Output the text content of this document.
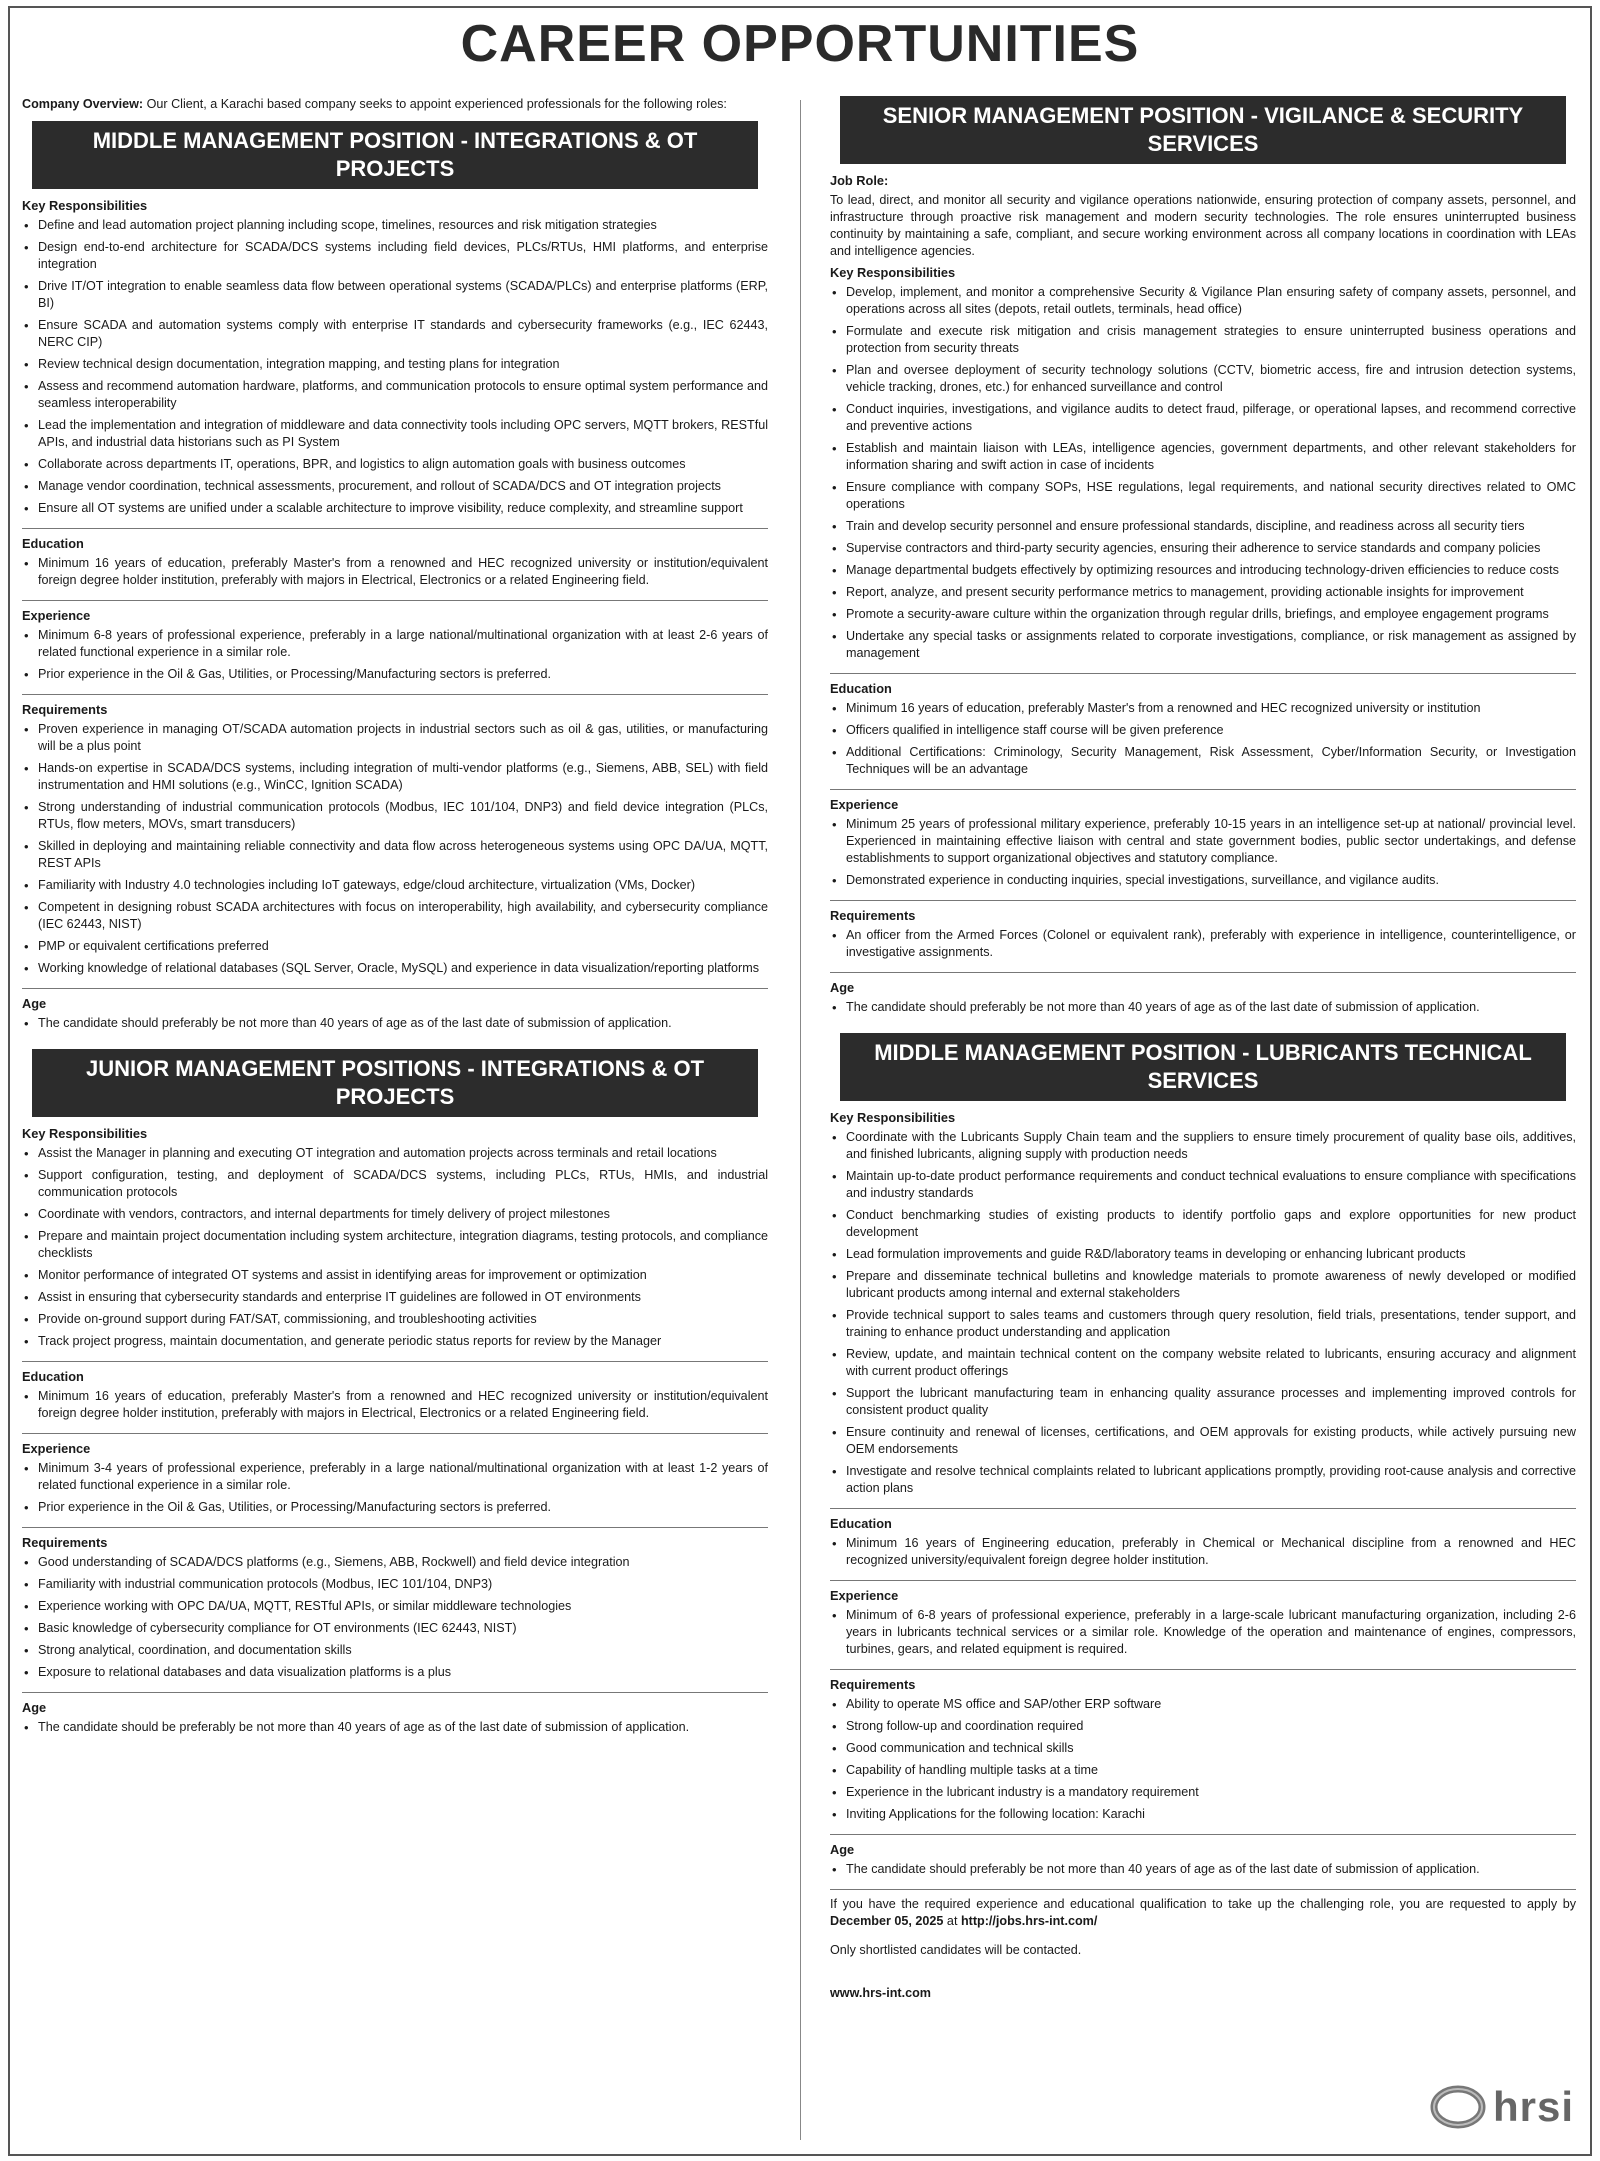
CAREER OPPORTUNITIES
Company Overview: Our Client, a Karachi based company seeks to appoint experienced professionals for the following roles:
MIDDLE MANAGEMENT POSITION - INTEGRATIONS & OT PROJECTS
Key Responsibilities
• Define and lead automation project planning including scope, timelines, resources and risk mitigation strategies
• Design end-to-end architecture for SCADA/DCS systems including field devices, PLCs/RTUs, HMI platforms, and enterprise integration
• Drive IT/OT integration to enable seamless data flow between operational systems (SCADA/PLCs) and enterprise platforms (ERP, BI)
• Ensure SCADA and automation systems comply with enterprise IT standards and cybersecurity frameworks (e.g., IEC 62443, NERC CIP)
• Review technical design documentation, integration mapping, and testing plans for integration
• Assess and recommend automation hardware, platforms, and communication protocols to ensure optimal system performance and seamless interoperability
• Lead the implementation and integration of middleware and data connectivity tools including OPC servers, MQTT brokers, RESTful APIs, and industrial data historians such as PI System
• Collaborate across departments IT, operations, BPR, and logistics to align automation goals with business outcomes
• Manage vendor coordination, technical assessments, procurement, and rollout of SCADA/DCS and OT integration projects
• Ensure all OT systems are unified under a scalable architecture to improve visibility, reduce complexity, and streamline support
Education
• Minimum 16 years of education, preferably Master's from a renowned and HEC recognized university or institution/equivalent foreign degree holder institution, preferably with majors in Electrical, Electronics or a related Engineering field.
Experience
• Minimum 6-8 years of professional experience, preferably in a large national/multinational organization with at least 2-6 years of related functional experience in a similar role.
• Prior experience in the Oil & Gas, Utilities, or Processing/Manufacturing sectors is preferred.
Requirements
• Proven experience in managing OT/SCADA automation projects in industrial sectors such as oil & gas, utilities, or manufacturing will be a plus point
• Hands-on expertise in SCADA/DCS systems, including integration of multi-vendor platforms (e.g., Siemens, ABB, SEL) with field instrumentation and HMI solutions (e.g., WinCC, Ignition SCADA)
• Strong understanding of industrial communication protocols (Modbus, IEC 101/104, DNP3) and field device integration (PLCs, RTUs, flow meters, MOVs, smart transducers)
• Skilled in deploying and maintaining reliable connectivity and data flow across heterogeneous systems using OPC DA/UA, MQTT, REST APIs
• Familiarity with Industry 4.0 technologies including IoT gateways, edge/cloud architecture, virtualization (VMs, Docker)
• Competent in designing robust SCADA architectures with focus on interoperability, high availability, and cybersecurity compliance (IEC 62443, NIST)
• PMP or equivalent certifications preferred
• Working knowledge of relational databases (SQL Server, Oracle, MySQL) and experience in data visualization/reporting platforms
Age
• The candidate should preferably be not more than 40 years of age as of the last date of submission of application.
JUNIOR MANAGEMENT POSITIONS - INTEGRATIONS & OT PROJECTS
Key Responsibilities
• Assist the Manager in planning and executing OT integration and automation projects across terminals and retail locations
• Support configuration, testing, and deployment of SCADA/DCS systems, including PLCs, RTUs, HMIs, and industrial communication protocols
• Coordinate with vendors, contractors, and internal departments for timely delivery of project milestones
• Prepare and maintain project documentation including system architecture, integration diagrams, testing protocols, and compliance checklists
• Monitor performance of integrated OT systems and assist in identifying areas for improvement or optimization
• Assist in ensuring that cybersecurity standards and enterprise IT guidelines are followed in OT environments
• Provide on-ground support during FAT/SAT, commissioning, and troubleshooting activities
• Track project progress, maintain documentation, and generate periodic status reports for review by the Manager
Education
• Minimum 16 years of education, preferably Master's from a renowned and HEC recognized university or institution/equivalent foreign degree holder institution, preferably with majors in Electrical, Electronics or a related Engineering field.
Experience
• Minimum 3-4 years of professional experience, preferably in a large national/multinational organization with at least 1-2 years of related functional experience in a similar role.
• Prior experience in the Oil & Gas, Utilities, or Processing/Manufacturing sectors is preferred.
Requirements
• Good understanding of SCADA/DCS platforms (e.g., Siemens, ABB, Rockwell) and field device integration
• Familiarity with industrial communication protocols (Modbus, IEC 101/104, DNP3)
• Experience working with OPC DA/UA, MQTT, RESTful APIs, or similar middleware technologies
• Basic knowledge of cybersecurity compliance for OT environments (IEC 62443, NIST)
• Strong analytical, coordination, and documentation skills
• Exposure to relational databases and data visualization platforms is a plus
Age
• The candidate should be preferably be not more than 40 years of age as of the last date of submission of application.
SENIOR MANAGEMENT POSITION - VIGILANCE & SECURITY SERVICES
Job Role:
To lead, direct, and monitor all security and vigilance operations nationwide, ensuring protection of company assets, personnel, and infrastructure through proactive risk management and modern security technologies. The role ensures uninterrupted business continuity by maintaining a safe, compliant, and secure working environment across all company locations in coordination with LEAs and intelligence agencies.
Key Responsibilities
• Develop, implement, and monitor a comprehensive Security & Vigilance Plan ensuring safety of company assets, personnel, and operations across all sites (depots, retail outlets, terminals, head office)
• Formulate and execute risk mitigation and crisis management strategies to ensure uninterrupted business operations and protection from security threats
• Plan and oversee deployment of security technology solutions (CCTV, biometric access, fire and intrusion detection systems, vehicle tracking, drones, etc.) for enhanced surveillance and control
• Conduct inquiries, investigations, and vigilance audits to detect fraud, pilferage, or operational lapses, and recommend corrective and preventive actions
• Establish and maintain liaison with LEAs, intelligence agencies, government departments, and other relevant stakeholders for information sharing and swift action in case of incidents
• Ensure compliance with company SOPs, HSE regulations, legal requirements, and national security directives related to OMC operations
• Train and develop security personnel and ensure professional standards, discipline, and readiness across all security tiers
• Supervise contractors and third-party security agencies, ensuring their adherence to service standards and company policies
• Manage departmental budgets effectively by optimizing resources and introducing technology-driven efficiencies to reduce costs
• Report, analyze, and present security performance metrics to management, providing actionable insights for improvement
• Promote a security-aware culture within the organization through regular drills, briefings, and employee engagement programs
• Undertake any special tasks or assignments related to corporate investigations, compliance, or risk management as assigned by management
Education
• Minimum 16 years of education, preferably Master's from a renowned and HEC recognized university or institution
• Officers qualified in intelligence staff course will be given preference
• Additional Certifications: Criminology, Security Management, Risk Assessment, Cyber/Information Security, or Investigation Techniques will be an advantage
Experience
• Minimum 25 years of professional military experience, preferably 10-15 years in an intelligence set-up at national/ provincial level. Experienced in maintaining effective liaison with central and state government bodies, public sector undertakings, and defense establishments to support organizational objectives and statutory compliance.
• Demonstrated experience in conducting inquiries, special investigations, surveillance, and vigilance audits.
Requirements
• An officer from the Armed Forces (Colonel or equivalent rank), preferably with experience in intelligence, counterintelligence, or investigative assignments.
Age
• The candidate should preferably be not more than 40 years of age as of the last date of submission of application.
MIDDLE MANAGEMENT POSITION - LUBRICANTS TECHNICAL SERVICES
Key Responsibilities
• Coordinate with the Lubricants Supply Chain team and the suppliers to ensure timely procurement of quality base oils, additives, and finished lubricants, aligning supply with production needs
• Maintain up-to-date product performance requirements and conduct technical evaluations to ensure compliance with specifications and industry standards
• Conduct benchmarking studies of existing products to identify portfolio gaps and explore opportunities for new product development
• Lead formulation improvements and guide R&D/laboratory teams in developing or enhancing lubricant products
• Prepare and disseminate technical bulletins and knowledge materials to promote awareness of newly developed or modified lubricant products among internal and external stakeholders
• Provide technical support to sales teams and customers through query resolution, field trials, presentations, tender support, and training to enhance product understanding and application
• Review, update, and maintain technical content on the company website related to lubricants, ensuring accuracy and alignment with current product offerings
• Support the lubricant manufacturing team in enhancing quality assurance processes and implementing improved controls for consistent product quality
• Ensure continuity and renewal of licenses, certifications, and OEM approvals for existing products, while actively pursuing new OEM endorsements
• Investigate and resolve technical complaints related to lubricant applications promptly, providing root-cause analysis and corrective action plans
Education
• Minimum 16 years of Engineering education, preferably in Chemical or Mechanical discipline from a renowned and HEC recognized university/equivalent foreign degree holder institution.
Experience
• Minimum of 6-8 years of professional experience, preferably in a large-scale lubricant manufacturing organization, including 2-6 years in lubricants technical services or a similar role. Knowledge of the operation and maintenance of engines, compressors, turbines, gears, and related equipment is required.
Requirements
• Ability to operate MS office and SAP/other ERP software
• Strong follow-up and coordination required
• Good communication and technical skills
• Capability of handling multiple tasks at a time
• Experience in the lubricant industry is a mandatory requirement
• Inviting Applications for the following location: Karachi
Age
• The candidate should preferably be not more than 40 years of age as of the last date of submission of application.
If you have the required experience and educational qualification to take up the challenging role, you are requested to apply by December 05, 2025 at http://jobs.hrs-int.com/
Only shortlisted candidates will be contacted.
www.hrs-int.com
hrsi
